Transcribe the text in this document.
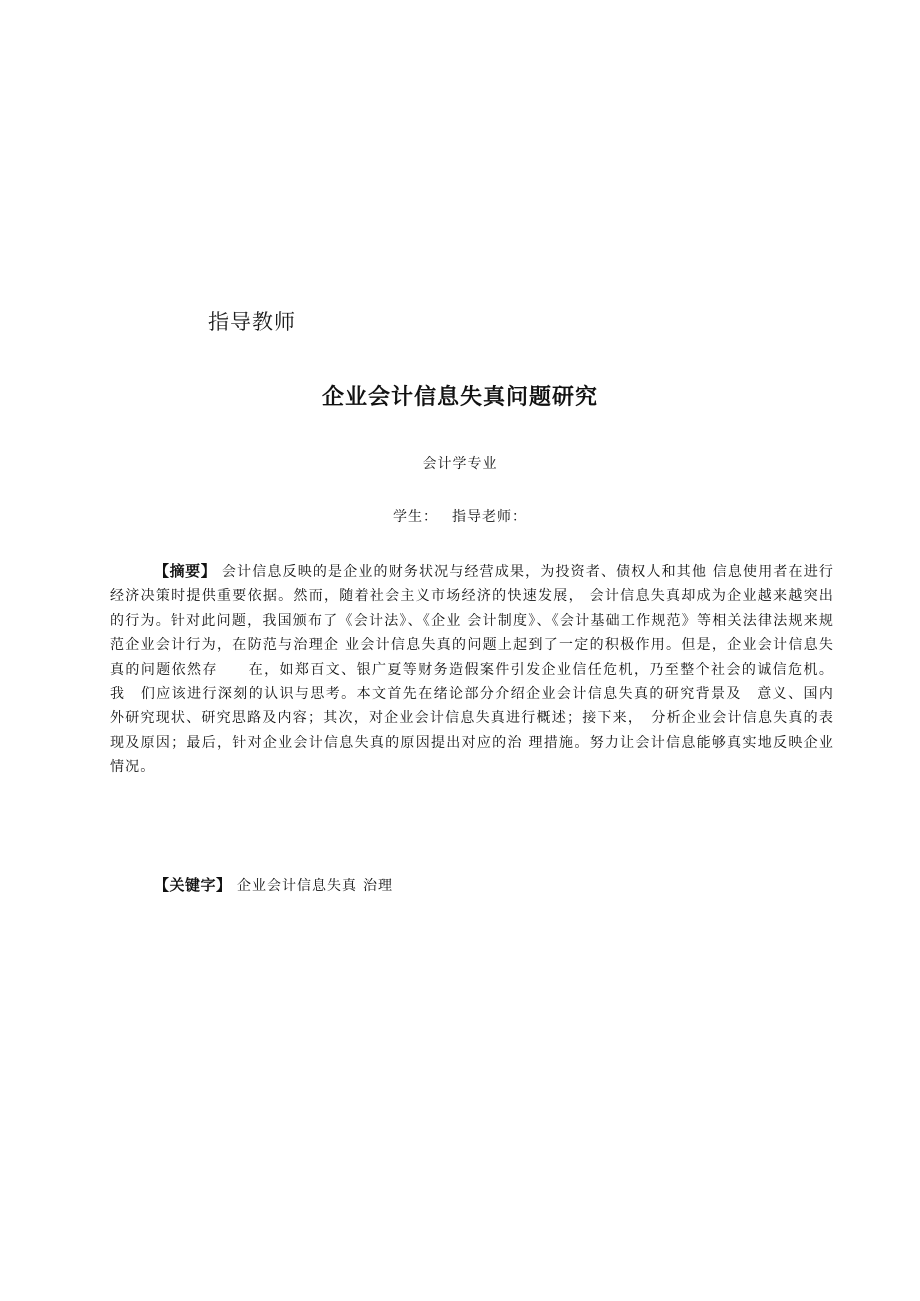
指导教师
企业会计信息失真问题研究
会计学专业
学生： 指导老师：
【摘要】 会计信息反映的是企业的财务状况与经营成果，为投资者、债权人和其他 信息使用者在进行经济决策时提供重要依据。然而，随着社会主义市场经济的快速发展， 会计信息失真却成为企业越来越突出的行为。针对此问题，我国颁布了《会计法》、《企业 会计制度》、《会计基础工作规范》等相关法律法规来规范企业会计行为，在防范与治理企 业会计信息失真的问题上起到了一定的积极作用。但是，企业会计信息失真的问题依然存　　在，如郑百文、银广夏等财务造假案件引发企业信任危机，乃至整个社会的诚信危机。我　们应该进行深刻的认识与思考。本文首先在绪论部分介绍企业会计信息失真的研究背景及　意义、国内外研究现状、研究思路及内容；其次，对企业会计信息失真进行概述；接下来，　分析企业会计信息失真的表现及原因；最后，针对企业会计信息失真的原因提出对应的治 理措施。努力让会计信息能够真实地反映企业情况。
【关键字】 企业会计信息失真 治理
